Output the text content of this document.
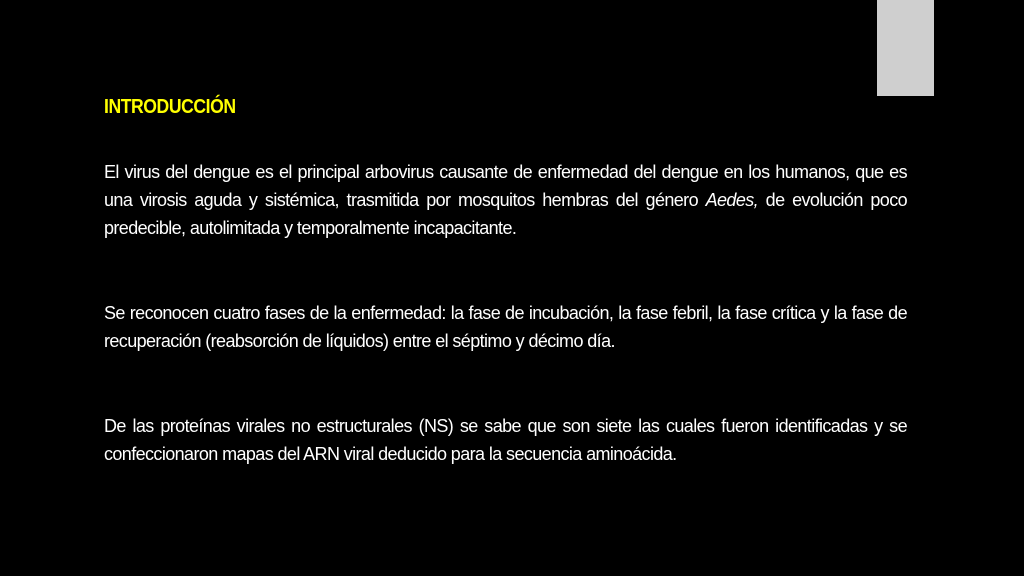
INTRODUCCIÓN
El virus del dengue es el principal arbovirus causante de enfermedad del dengue en los humanos, que es una virosis aguda y sistémica, trasmitida por mosquitos hembras del género Aedes, de evolución poco predecible, autolimitada y temporalmente incapacitante.
Se reconocen cuatro fases de la enfermedad: la fase de incubación, la fase febril, la fase crítica y la fase de recuperación (reabsorción de líquidos) entre el séptimo y décimo día.
De las proteínas virales no estructurales (NS) se sabe que son siete las cuales fueron identificadas y se confeccionaron mapas del ARN viral deducido para la secuencia aminoácida.
